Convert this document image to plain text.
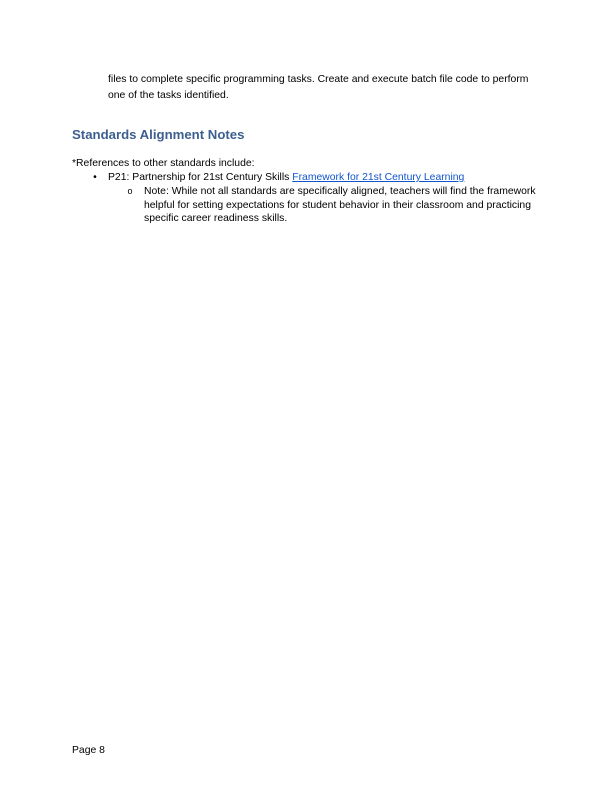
files to complete specific programming tasks. Create and execute batch file code to perform one of the tasks identified.

Standards Alignment Notes

*References to other standards include:

•	P21: Partnership for 21st Century Skills Framework for 21st Century Learning
o Note: While not all standards are specifically aligned, teachers will find the framework helpful for setting expectations for student behavior in their classroom and practicing specific career readiness skills.

Page 8
